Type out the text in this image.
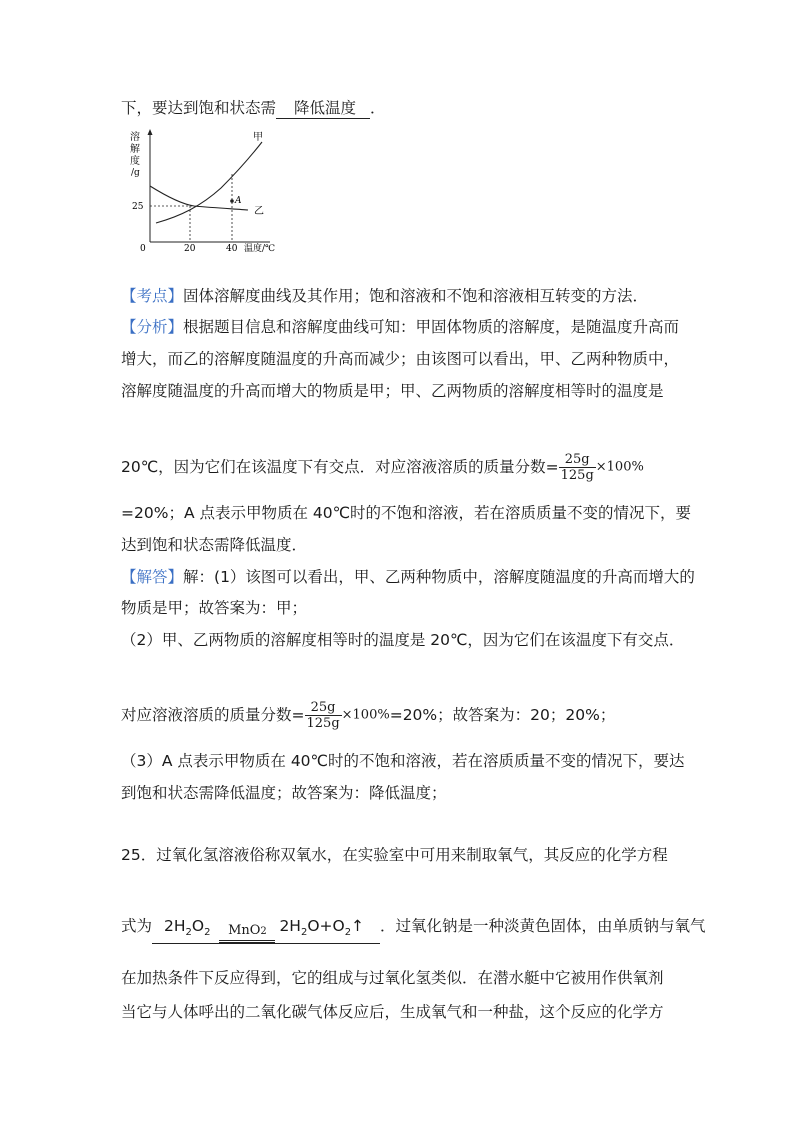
下，要达到饱和状态需 降低温度 ．
溶
解
度
/g
A
甲
乙
25
0	20	40 温度/℃
【考点】固体溶解度曲线及其作用；饱和溶液和不饱和溶液相互转变的方法．
【分析】根据题目信息和溶解度曲线可知：甲固体物质的溶解度，是随温度升高而
增大，而乙的溶解度随温度的升高而减少；由该图可以看出，甲、乙两种物质中，
溶解度随温度的升高而增大的物质是甲；甲、乙两物质的溶解度相等时的温度是
20℃，因为它们在该温度下有交点．对应溶液溶质的质量分数= $\frac{25g}{125g} \times 100\%$
=20%；A 点表示甲物质在 40℃时的不饱和溶液，若在溶质质量不变的情况下，要
达到饱和状态需降低温度．
【解答】解：(1）该图可以看出，甲、乙两种物质中，溶解度随温度的升高而增大的
物质是甲；故答案为：甲；
（2）甲、乙两物质的溶解度相等时的温度是 20℃，因为它们在该温度下有交点．
对应溶液溶质的质量分数= $\frac{25g}{125g} \times 100\%=20\%$；故答案为：20；20%；
（3）A 点表示甲物质在 40℃时的不饱和溶液，若在溶质质量不变的情况下，要达
到饱和状态需降低温度；故答案为：降低温度；
25．过氧化氢溶液俗称双氧水，在实验室中可用来制取氧气，其反应的化学方程
式为 $2H_2O_2$	MnO2 $2H_2O+O_2↑$ ．过氧化钠是一种淡黄色固体，由单质钠与氧气
在加热条件下反应得到，它的组成与过氧化氢类似．在潜水艇中它被用作供氧剂
当它与人体呼出的二氧化碳气体反应后，生成氧气和一种盐，这个反应的化学方
